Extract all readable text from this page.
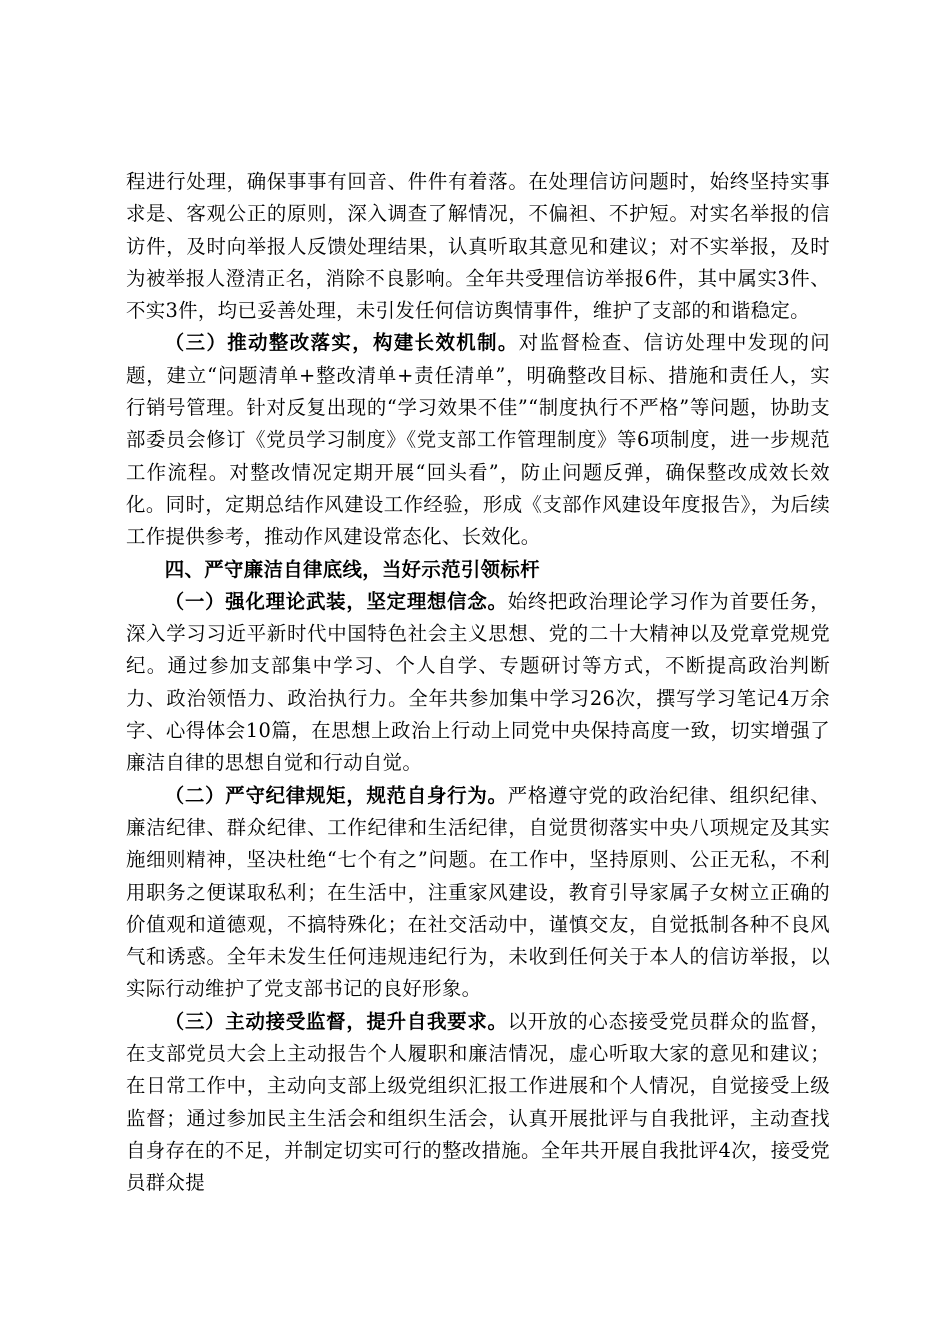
程进行处理，确保事事有回音、件件有着落。在处理信访问题时，始终坚持实事求是、客观公正的原则，深入调查了解情况，不偏袒、不护短。对实名举报的信访件，及时向举报人反馈处理结果，认真听取其意见和建议；对不实举报，及时为被举报人澄清正名，消除不良影响。全年共受理信访举报6件，其中属实3件、不实3件，均已妥善处理，未引发任何信访舆情事件，维护了支部的和谐稳定。

（三）推动整改落实，构建长效机制。对监督检查、信访处理中发现的问题，建立“问题清单+整改清单+责任清单”，明确整改目标、措施和责任人，实行销号管理。针对反复出现的“学习效果不佳”“制度执行不严格”等问题，协助支部委员会修订《党员学习制度》《党支部工作管理制度》等6项制度，进一步规范工作流程。对整改情况定期开展“回头看”，防止问题反弹，确保整改成效长效化。同时，定期总结作风建设工作经验，形成《支部作风建设年度报告》，为后续工作提供参考，推动作风建设常态化、长效化。

四、严守廉洁自律底线，当好示范引领标杆

（一）强化理论武装，坚定理想信念。始终把政治理论学习作为首要任务，深入学习习近平新时代中国特色社会主义思想、党的二十大精神以及党章党规党纪。通过参加支部集中学习、个人自学、专题研讨等方式，不断提高政治判断力、政治领悟力、政治执行力。全年共参加集中学习26次，撰写学习笔记4万余字、心得体会10篇，在思想上政治上行动上同党中央保持高度一致，切实增强了廉洁自律的思想自觉和行动自觉。

（二）严守纪律规矩，规范自身行为。严格遵守党的政治纪律、组织纪律、廉洁纪律、群众纪律、工作纪律和生活纪律，自觉贯彻落实中央八项规定及其实施细则精神，坚决杜绝“七个有之”问题。在工作中，坚持原则、公正无私，不利用职务之便谋取私利；在生活中，注重家风建设，教育引导家属子女树立正确的价值观和道德观，不搞特殊化；在社交活动中，谨慎交友，自觉抵制各种不良风气和诱惑。全年未发生任何违规违纪行为，未收到任何关于本人的信访举报，以实际行动维护了党支部书记的良好形象。

（三）主动接受监督，提升自我要求。以开放的心态接受党员群众的监督，在支部党员大会上主动报告个人履职和廉洁情况，虚心听取大家的意见和建议；在日常工作中，主动向支部上级党组织汇报工作进展和个人情况，自觉接受上级监督；通过参加民主生活会和组织生活会，认真开展批评与自我批评，主动查找自身存在的不足，并制定切实可行的整改措施。全年共开展自我批评4次，接受党员群众提
